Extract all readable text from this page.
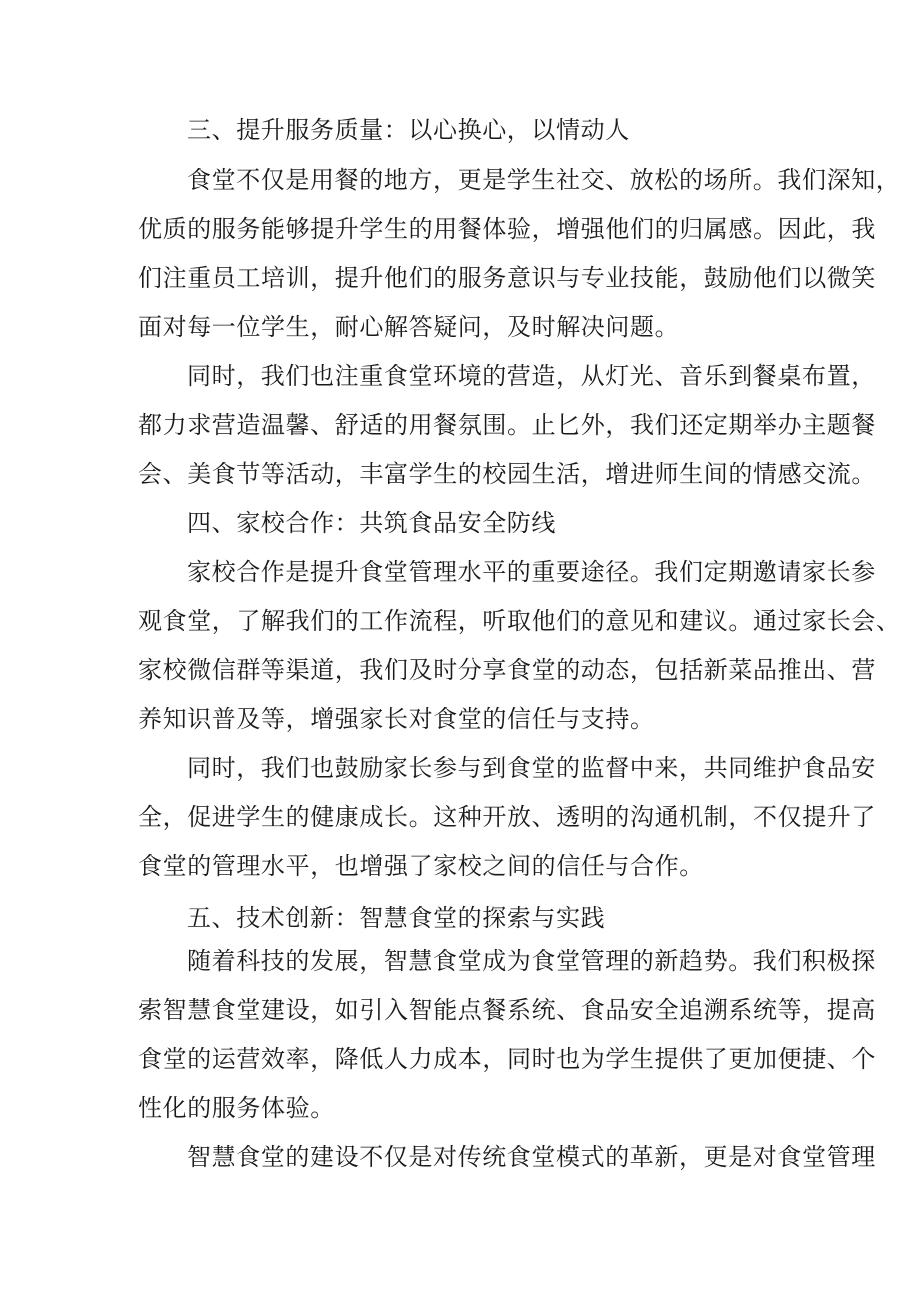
三、提升服务质量：以心换心，以情动人
食堂不仅是用餐的地方，更是学生社交、放松的场所。我们深知，
优质的服务能够提升学生的用餐体验，增强他们的归属感。因此，我
们注重员工培训，提升他们的服务意识与专业技能，鼓励他们以微笑
面对每一位学生，耐心解答疑问，及时解决问题。
同时，我们也注重食堂环境的营造，从灯光、音乐到餐桌布置，
都力求营造温馨、舒适的用餐氛围。止匕外，我们还定期举办主题餐
会、美食节等活动，丰富学生的校园生活，增进师生间的情感交流。
四、家校合作：共筑食品安全防线
家校合作是提升食堂管理水平的重要途径。我们定期邀请家长参
观食堂，了解我们的工作流程，听取他们的意见和建议。通过家长会、
家校微信群等渠道，我们及时分享食堂的动态，包括新菜品推出、营
养知识普及等，增强家长对食堂的信任与支持。
同时，我们也鼓励家长参与到食堂的监督中来，共同维护食品安
全，促进学生的健康成长。这种开放、透明的沟通机制，不仅提升了
食堂的管理水平，也增强了家校之间的信任与合作。
五、技术创新：智慧食堂的探索与实践
随着科技的发展，智慧食堂成为食堂管理的新趋势。我们积极探
索智慧食堂建设，如引入智能点餐系统、食品安全追溯系统等，提高
食堂的运营效率，降低人力成本，同时也为学生提供了更加便捷、个
性化的服务体验。
智慧食堂的建设不仅是对传统食堂模式的革新，更是对食堂管理
